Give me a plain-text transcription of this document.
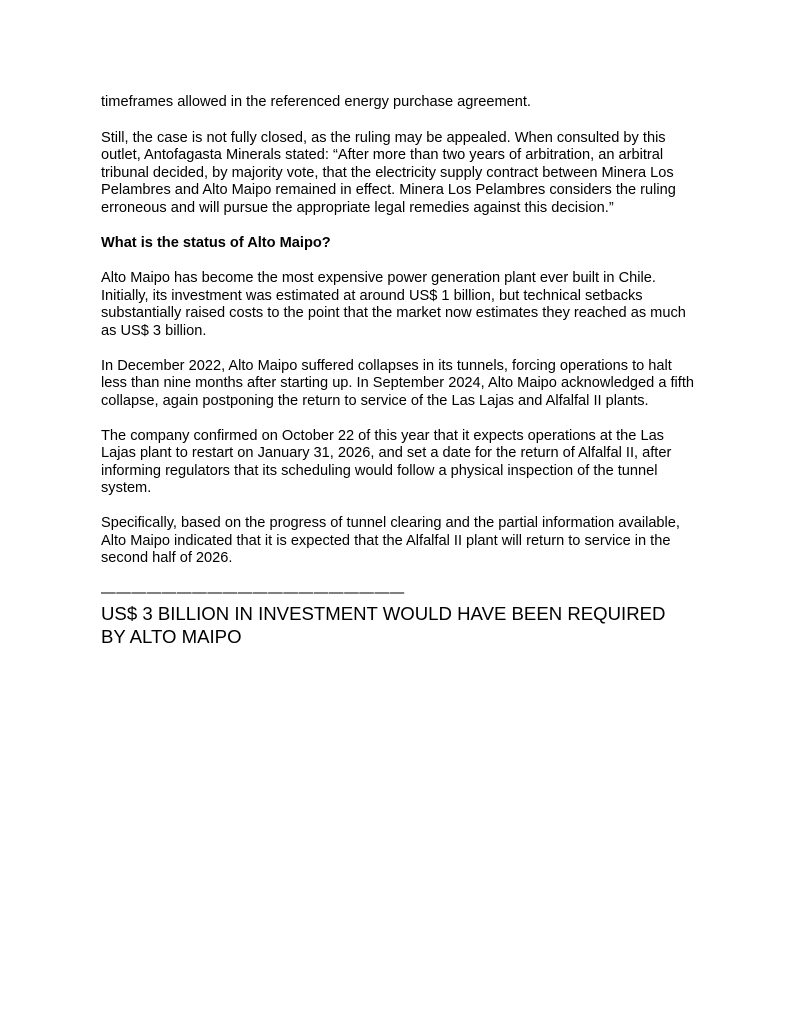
timeframes allowed in the referenced energy purchase agreement.

Still, the case is not fully closed, as the ruling may be appealed. When consulted by this outlet, Antofagasta Minerals stated: “After more than two years of arbitration, an arbitral tribunal decided, by majority vote, that the electricity supply contract between Minera Los Pelambres and Alto Maipo remained in effect. Minera Los Pelambres considers the ruling erroneous and will pursue the appropriate legal remedies against this decision.”

What is the status of Alto Maipo?

Alto Maipo has become the most expensive power generation plant ever built in Chile. Initially, its investment was estimated at around US$ 1 billion, but technical setbacks substantially raised costs to the point that the market now estimates they reached as much as US$ 3 billion.

In December 2022, Alto Maipo suffered collapses in its tunnels, forcing operations to halt less than nine months after starting up. In September 2024, Alto Maipo acknowledged a fifth collapse, again postponing the return to service of the Las Lajas and Alfalfal II plants.

The company confirmed on October 22 of this year that it expects operations at the Las Lajas plant to restart on January 31, 2026, and set a date for the return of Alfalfal II, after informing regulators that its scheduling would follow a physical inspection of the tunnel system.

Specifically, based on the progress of tunnel clearing and the partial information available, Alto Maipo indicated that it is expected that the Alfalfal II plant will return to service in the second half of 2026.

————————————————————
US$ 3 BILLION IN INVESTMENT WOULD HAVE BEEN REQUIRED BY ALTO MAIPO
